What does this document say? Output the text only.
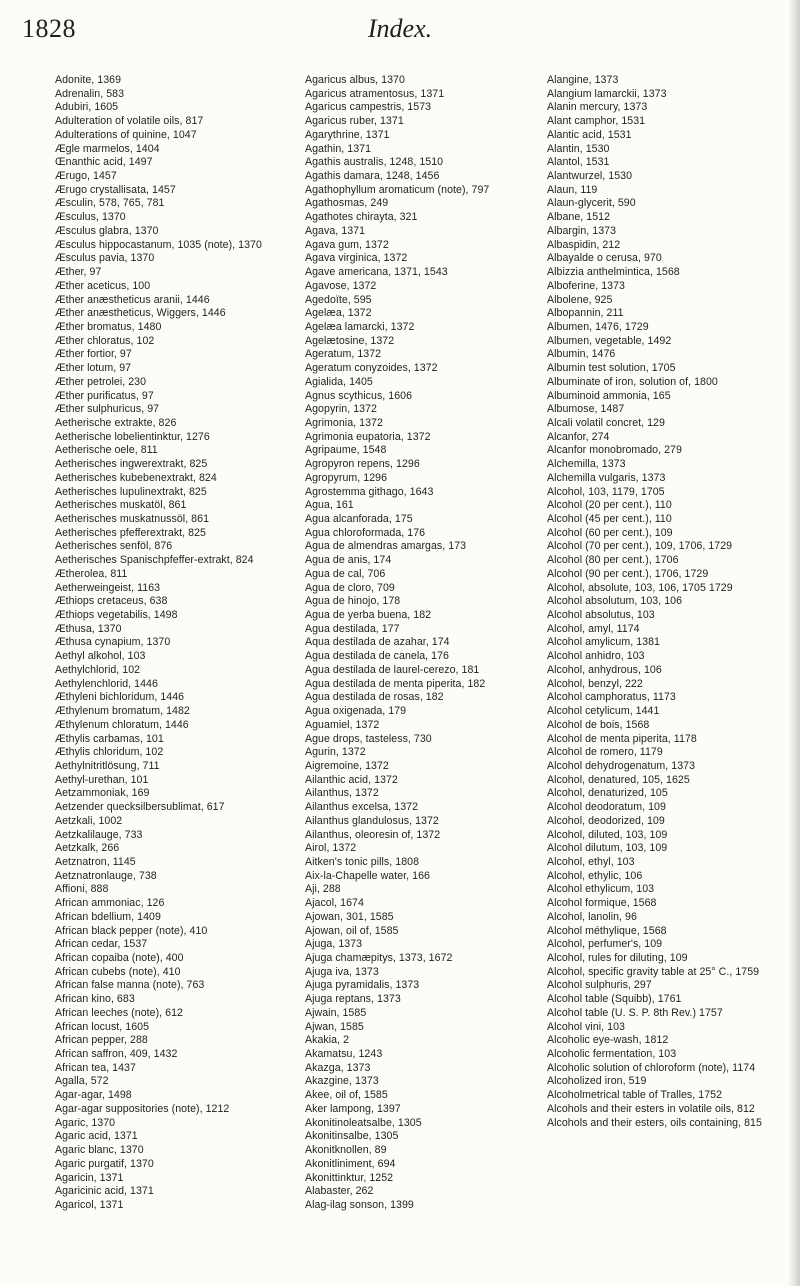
1828	Index.
Adonite, 1369
Adrenalin, 583
Adubiri, 1605
Adulteration of volatile oils, 817
Adulterations of quinine, 1047
Ægle marmelos, 1404
Œnanthic acid, 1497
Ærugo, 1457
Ærugo crystallisata, 1457
Æsculin, 578, 765, 781
Æsculus, 1370
Æsculus glabra, 1370
Æsculus hippocastanum, 1035 (note), 1370
Æsculus pavia, 1370
Æther, 97
Æther aceticus, 100
Æther anæstheticus aranii, 1446
Æther anæstheticus, Wiggers, 1446
Æther bromatus, 1480
Æther chloratus, 102
Æther fortior, 97
Æther lotum, 97
Æther petrolei, 230
Æther purificatus, 97
Æther sulphuricus, 97
Aetherische extrakte, 826
Aetherische lobelientinktur, 1276
Aetherische oele, 811
Aetherisches ingwerextrakt, 825
Aetherisches kubebenextrakt, 824
Aetherisches lupulinextrakt, 825
Aetherisches muskatöl, 861
Aetherisches muskatnussöl, 861
Aetherisches pfefferextrakt, 825
Aetherisches senföl, 876
Aetherisches Spanischpfeffer-extrakt, 824
Ætherolea, 811
Aetherweingeist, 1163
Æthiops cretaceus, 638
Æthiops vegetabilis, 1498
Æthusa, 1370
Æthusa cynapium, 1370
Aethyl alkohol, 103
Aethylchlorid, 102
Aethylenchlorid, 1446
Æthyleni bichloridum, 1446
Æthylenum bromatum, 1482
Æthylenum chloratum, 1446
Æthylis carbamas, 101
Æthylis chloridum, 102
Aethylnitritlösung, 711
Aethyl-urethan, 101
Aetzammoniak, 169
Aetzender quecksilbersublimat, 617
Aetzkali, 1002
Aetzkalilauge, 733
Aetzkalk, 266
Aetznatron, 1145
Aetznatronlauge, 738
Affioni, 888
African ammoniac, 126
African bdellium, 1409
African black pepper (note), 410
African cedar, 1537
African copaiba (note), 400
African cubebs (note), 410
African false manna (note), 763
African kino, 683
African leeches (note), 612
African locust, 1605
African pepper, 288
African saffron, 409, 1432
African tea, 1437
Agalla, 572
Agar-agar, 1498
Agar-agar suppositories (note), 1212
Agaric, 1370
Agaric acid, 1371
Agaric blanc, 1370
Agaric purgatif, 1370
Agaricin, 1371
Agaricinic acid, 1371
Agaricol, 1371
Agaricus albus, 1370
Agaricus atramentosus, 1371
Agaricus campestris, 1573
Agaricus ruber, 1371
Agarythrine, 1371
Agathin, 1371
Agathis australis, 1248, 1510
Agathis damara, 1248, 1456
Agathophyllum aromaticum (note), 797
Agathosmas, 249
Agathotes chirayta, 321
Agava, 1371
Agava gum, 1372
Agava virginica, 1372
Agave americana, 1371, 1543
Agavose, 1372
Agedoïte, 595
Agelæa, 1372
Agelæa lamarcki, 1372
Agelætosine, 1372
Ageratum, 1372
Ageratum conyzoides, 1372
Agialida, 1405
Agnus scythicus, 1606
Agopyrin, 1372
Agrimonia, 1372
Agrimonia eupatoria, 1372
Agripaume, 1548
Agropyron repens, 1296
Agropyrum, 1296
Agrostemma githago, 1643
Agua, 161
Agua alcanforada, 175
Agua chloroformada, 176
Agua de almendras amargas, 173
Agua de anis, 174
Agua de cal, 706
Agua de cloro, 709
Agua de hinojo, 178
Agua de yerba buena, 182
Agua destilada, 177
Aqua destilada de azahar, 174
Agua destilada de canela, 176
Agua destilada de laurel-cerezo, 181
Agua destilada de menta piperita, 182
Agua destilada de rosas, 182
Agua oxigenada, 179
Aguamiel, 1372
Ague drops, tasteless, 730
Agurin, 1372
Aigremoine, 1372
Ailanthic acid, 1372
Ailanthus, 1372
Ailanthus excelsa, 1372
Ailanthus glandulosus, 1372
Ailanthus, oleoresin of, 1372
Airol, 1372
Aitken's tonic pills, 1808
Aix-la-Chapelle water, 166
Aji, 288
Ajacol, 1674
Ajowan, 301, 1585
Ajowan, oil of, 1585
Ajuga, 1373
Ajuga chamæpitys, 1373, 1672
Ajuga iva, 1373
Ajuga pyramidalis, 1373
Ajuga reptans, 1373
Ajwain, 1585
Ajwan, 1585
Akakia, 2
Akamatsu, 1243
Akazga, 1373
Akazgine, 1373
Akee, oil of, 1585
Aker lampong, 1397
Akonitinoleatsalbe, 1305
Akonitinsalbe, 1305
Akonitknollen, 89
Akonitliniment, 694
Akonittinktur, 1252
Alabaster, 262
Alag-ilag sonson, 1399
Alangine, 1373
Alangium lamarckii, 1373
Alanin mercury, 1373
Alant camphor, 1531
Alantic acid, 1531
Alantin, 1530
Alantol, 1531
Alantwurzel, 1530
Alaun, 119
Alaun-glycerit, 590
Albane, 1512
Albargin, 1373
Albaspidin, 212
Albayalde o cerusa, 970
Albizzia anthelmintica, 1568
Alboferine, 1373
Albolene, 925
Albopannin, 211
Albumen, 1476, 1729
Albumen, vegetable, 1492
Albumin, 1476
Albumin test solution, 1705
Albuminate of iron, solution of, 1800
Albuminoid ammonia, 165
Albumose, 1487
Alcali volatil concret, 129
Alcanfor, 274
Alcanfor monobromado, 279
Alchemilla, 1373
Alchemilla vulgaris, 1373
Alcohol, 103, 1179, 1705
Alcohol (20 per cent.), 110
Alcohol (45 per cent.), 110
Alcohol (60 per cent.), 109
Alcohol (70 per cent.), 109, 1706, 1729
Alcohol (80 per cent.), 1706
Alcohol (90 per cent.), 1706, 1729
Alcohol, absolute, 103, 106, 1705 1729
Alcohol absolutum, 103, 106
Alcohol absolutus, 103
Alcohol, amyl, 1174
Alcohol amylicum, 1381
Alcohol anhidro, 103
Alcohol, anhydrous, 106
Alcohol, benzyl, 222
Alcohol camphoratus, 1173
Alcohol cetylicum, 1441
Alcohol de bois, 1568
Alcohol de menta piperita, 1178
Alcohol de romero, 1179
Alcohol dehydrogenatum, 1373
Alcohol, denatured, 105, 1625
Alcohol, denaturized, 105
Alcohol deodoratum, 109
Alcohol, deodorized, 109
Alcohol, diluted, 103, 109
Alcohol dilutum, 103, 109
Alcohol, ethyl, 103
Alcohol, ethylic, 106
Alcohol ethylicum, 103
Alcohol formique, 1568
Alcohol, lanolin, 96
Alcohol méthylique, 1568
Alcohol, perfumer's, 109
Alcohol, rules for diluting, 109
Alcohol, specific gravity table at 25° C., 1759
Alcohol sulphuris, 297
Alcohol table (Squibb), 1761
Alcohol table (U. S. P. 8th Rev.) 1757
Alcohol vini, 103
Alcoholic eye-wash, 1812
Alcoholic fermentation, 103
Alcoholic solution of chloroform (note), 1174
Alcoholized iron, 519
Alcoholmetrical table of Tralles, 1752
Alcohols and their esters in volatile oils, 812
Alcohols and their esters, oils containing, 815
